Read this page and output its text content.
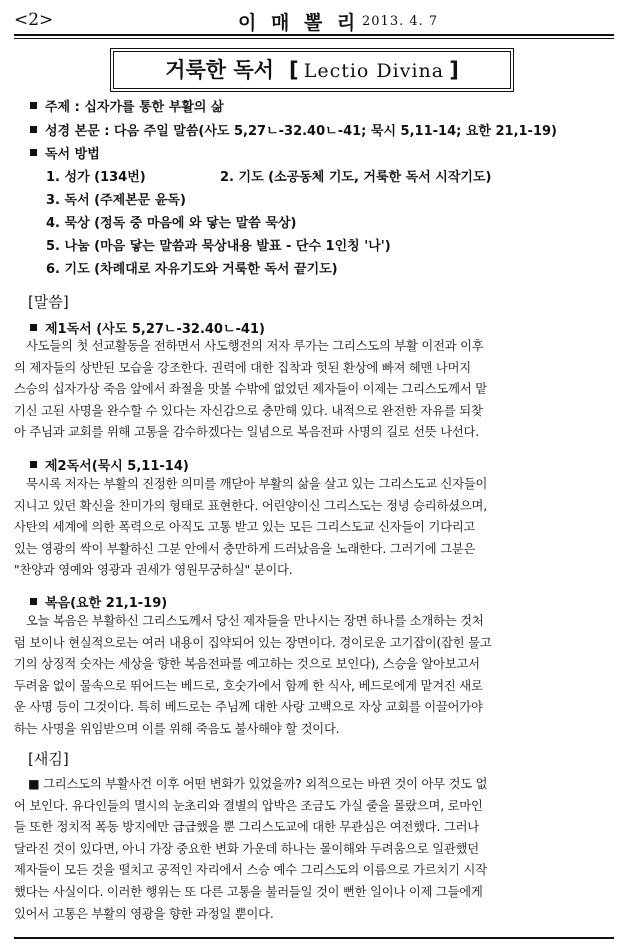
<2>	이 매 뽈 리 2013. 4. 7
거룩한 독서 [ Lectio Divina ]
주제 : 십자가를 통한 부활의 삶
성경 본문 : 다음 주일 말씀(사도 5,27ㄴ-32.40ㄴ-41; 묵시 5,11-14; 요한 21,1-19)
독서 방법
1. 성가 (134번)	2. 기도 (소공동체 기도, 거룩한 독서 시작기도)
3. 독서 (주제본문 윤독)
4. 묵상 (정독 중 마음에 와 닿는 말씀 묵상)
5. 나눔 (마음 닿는 말씀과 묵상내용 발표 - 단수 1인칭 '나')
6. 기도 (차례대로 자유기도와 거룩한 독서 끝기도)
[말씀]
제1독서 (사도 5,27ㄴ-32.40ㄴ-41)
사도들의 첫 선교활동을 전하면서 사도행전의 저자 루가는 그리스도의 부활 이전과 이후
의 제자들의 상반된 모습을 강조한다. 권력에 대한 집착과 헛된 환상에 빠져 헤맨 나머지
스승의 십자가상 죽음 앞에서 좌절을 맛볼 수밖에 없었던 제자들이 이제는 그리스도께서 맡
기신 고된 사명을 완수할 수 있다는 자신감으로 충만해 있다. 내적으로 완전한 자유를 되찾
아 주님과 교회를 위해 고통을 감수하겠다는 일념으로 복음전파 사명의 길로 선뜻 나선다.
제2독서(묵시 5,11-14)
묵시록 저자는 부활의 진정한 의미를 깨닫아 부활의 삶을 살고 있는 그리스도교 신자들이
지니고 있던 확신을 찬미가의 형태로 표현한다. 어린양이신 그리스도는 정녕 승리하셨으며,
사탄의 세계에 의한 폭력으로 아직도 고통 받고 있는 모든 그리스도교 신자들이 기다리고
있는 영광의 싹이 부활하신 그분 안에서 충만하게 드러났음을 노래한다. 그러기에 그분은
"찬양과 영예와 영광과 권세가 영원무궁하실" 분이다.
복음(요한 21,1-19)
오늘 복음은 부활하신 그리스도께서 당신 제자들을 만나시는 장면 하나를 소개하는 것처
럼 보이나 현실적으로는 여러 내용이 집약되어 있는 장면이다. 경이로운 고기잡이(잡힌 물고
기의 상징적 숫자는 세상을 향한 복음전파를 예고하는 것으로 보인다), 스승을 알아보고서
두려움 없이 물속으로 뛰어드는 베드로, 호숫가에서 함께 한 식사, 베드로에게 맡겨진 새로
운 사명 등이 그것이다. 특히 베드로는 주님께 대한 사랑 고백으로 자상 교회를 이끌어가야
하는 사명을 위임받으며 이를 위해 죽음도 불사해야 할 것이다.
[새김]
■ 그리스도의 부활사건 이후 어떤 변화가 있었을까? 외적으로는 바뀐 것이 아무 것도 없
어 보인다. 유다인들의 멸시의 눈초리와 결별의 압박은 조금도 가실 줄을 몰랐으며, 로마인
들 또한 정치적 폭동 방지에만 급급했을 뿐 그리스도교에 대한 무관심은 여전했다. 그러나
달라진 것이 있다면, 아니 가장 중요한 변화 가운데 하나는 몰이해와 두려움으로 일관했던
제자들이 모든 것을 떨치고 공적인 자리에서 스승 예수 그리스도의 이름으로 가르치기 시작
했다는 사실이다. 이러한 행위는 또 다른 고통을 불러들일 것이 뻔한 일이나 이제 그들에게
있어서 고통은 부활의 영광을 향한 과정일 뿐이다.
